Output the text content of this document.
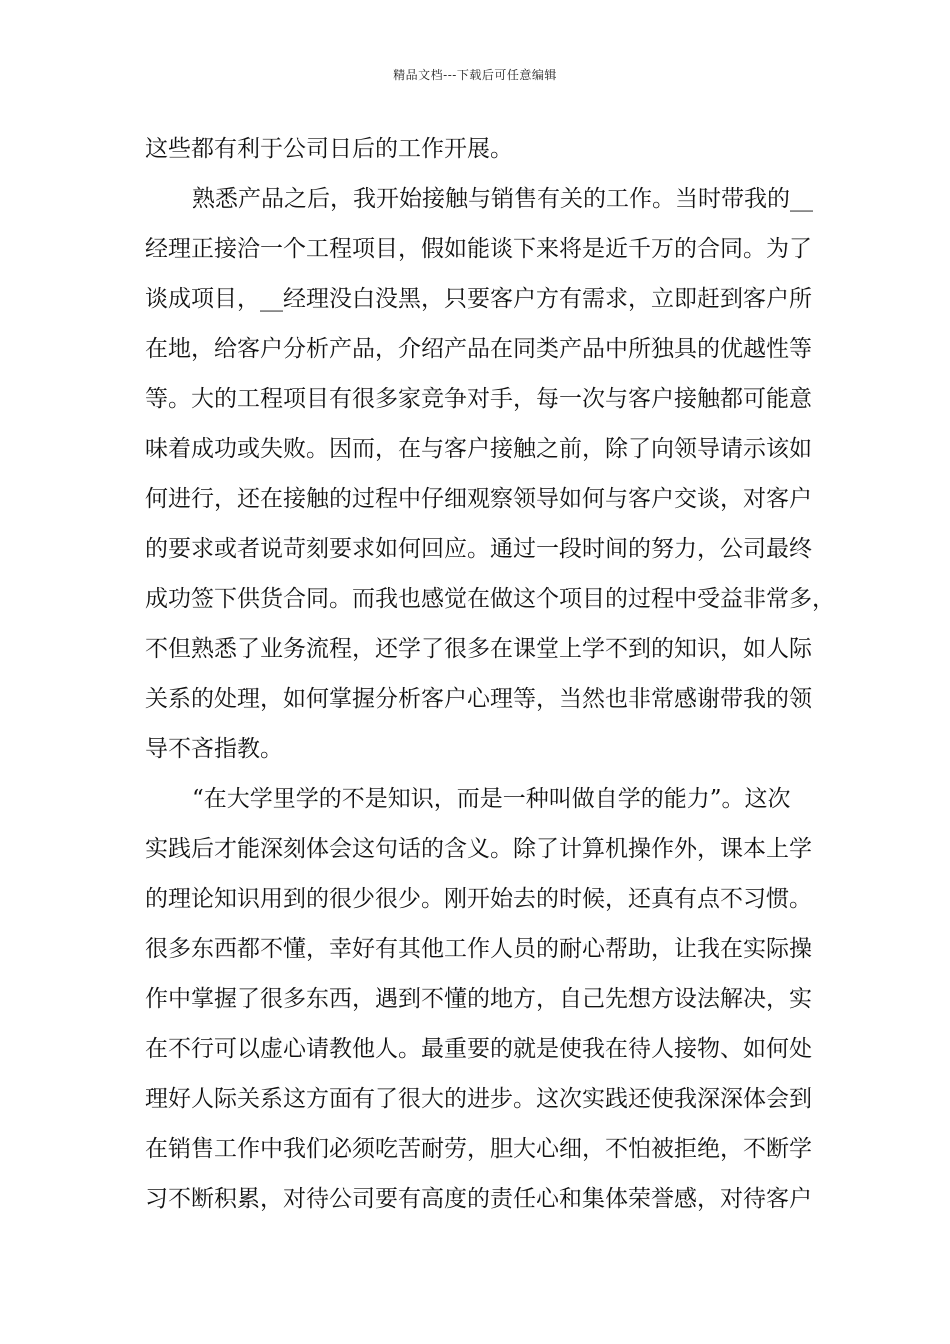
精品文档---下载后可任意编辑
这些都有利于公司日后的工作开展。
熟悉产品之后，我开始接触与销售有关的工作。当时带我的__
经理正接洽一个工程项目，假如能谈下来将是近千万的合同。为了
谈成项目，__经理没白没黑，只要客户方有需求，立即赶到客户所
在地，给客户分析产品，介绍产品在同类产品中所独具的优越性等
等。大的工程项目有很多家竞争对手，每一次与客户接触都可能意
味着成功或失败。因而，在与客户接触之前，除了向领导请示该如
何进行，还在接触的过程中仔细观察领导如何与客户交谈，对客户
的要求或者说苛刻要求如何回应。通过一段时间的努力，公司最终
成功签下供货合同。而我也感觉在做这个项目的过程中受益非常多，
不但熟悉了业务流程，还学了很多在课堂上学不到的知识，如人际
关系的处理，如何掌握分析客户心理等，当然也非常感谢带我的领
导不吝指教。
“在大学里学的不是知识，而是一种叫做自学的能力”。这次
实践后才能深刻体会这句话的含义。除了计算机操作外，课本上学
的理论知识用到的很少很少。刚开始去的时候，还真有点不习惯。
很多东西都不懂，幸好有其他工作人员的耐心帮助，让我在实际操
作中掌握了很多东西，遇到不懂的地方，自己先想方设法解决，实
在不行可以虚心请教他人。最重要的就是使我在待人接物、如何处
理好人际关系这方面有了很大的进步。这次实践还使我深深体会到
在销售工作中我们必须吃苦耐劳，胆大心细，不怕被拒绝，不断学
习不断积累，对待公司要有高度的责任心和集体荣誉感，对待客户
